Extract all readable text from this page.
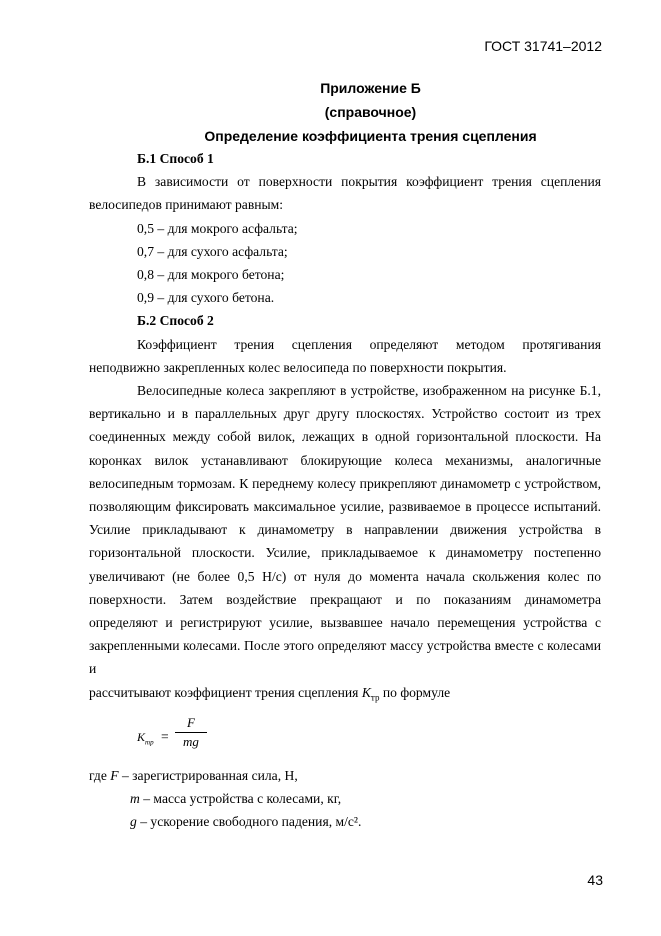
ГОСТ 31741–2012
Приложение Б
(справочное)
Определение коэффициента трения сцепления

Б.1 Способ 1

В зависимости от поверхности покрытия коэффициент трения сцепления велосипедов принимают равным:

0,5 – для мокрого асфальта;

0,7 – для сухого асфальта;

0,8 – для мокрого бетона;

0,9 – для сухого бетона.

Б.2 Способ 2

Коэффициент трения сцепления определяют методом протягивания неподвижно закрепленных колес велосипеда по поверхности покрытия.

Велосипедные колеса закрепляют в устройстве, изображенном на рисунке Б.1, вертикально и в параллельных друг другу плоскостях. Устройство состоит из трех соединенных между собой вилок, лежащих в одной горизонтальной плоскости. На коронках вилок устанавливают блокирующие колеса механизмы, аналогичные велосипедным тормозам. К переднему колесу прикрепляют динамометр с устройством, позволяющим фиксировать максимальное усилие, развиваемое в процессе испытаний. Усилие прикладывают к динамометру в направлении движения устройства в горизонтальной плоскости. Усилие, прикладываемое к динамометру постепенно увеличивают (не более 0,5 Н/с) от нуля до момента начала скольжения колес по поверхности. Затем воздействие прекращают и по показаниям динамометра определяют и регистрируют усилие, вызвавшее начало перемещения устройства с закрепленными колесами. После этого определяют массу устройства вместе с колесами и

рассчитывают коэффициент трения сцепления $K_{тр}$ по формуле

$K_{тр}$ =
F
mg

где F – зарегистрированная сила, Н,

m – масса устройства с колесами, кг,

g – ускорение свободного падения, м/с².

43
